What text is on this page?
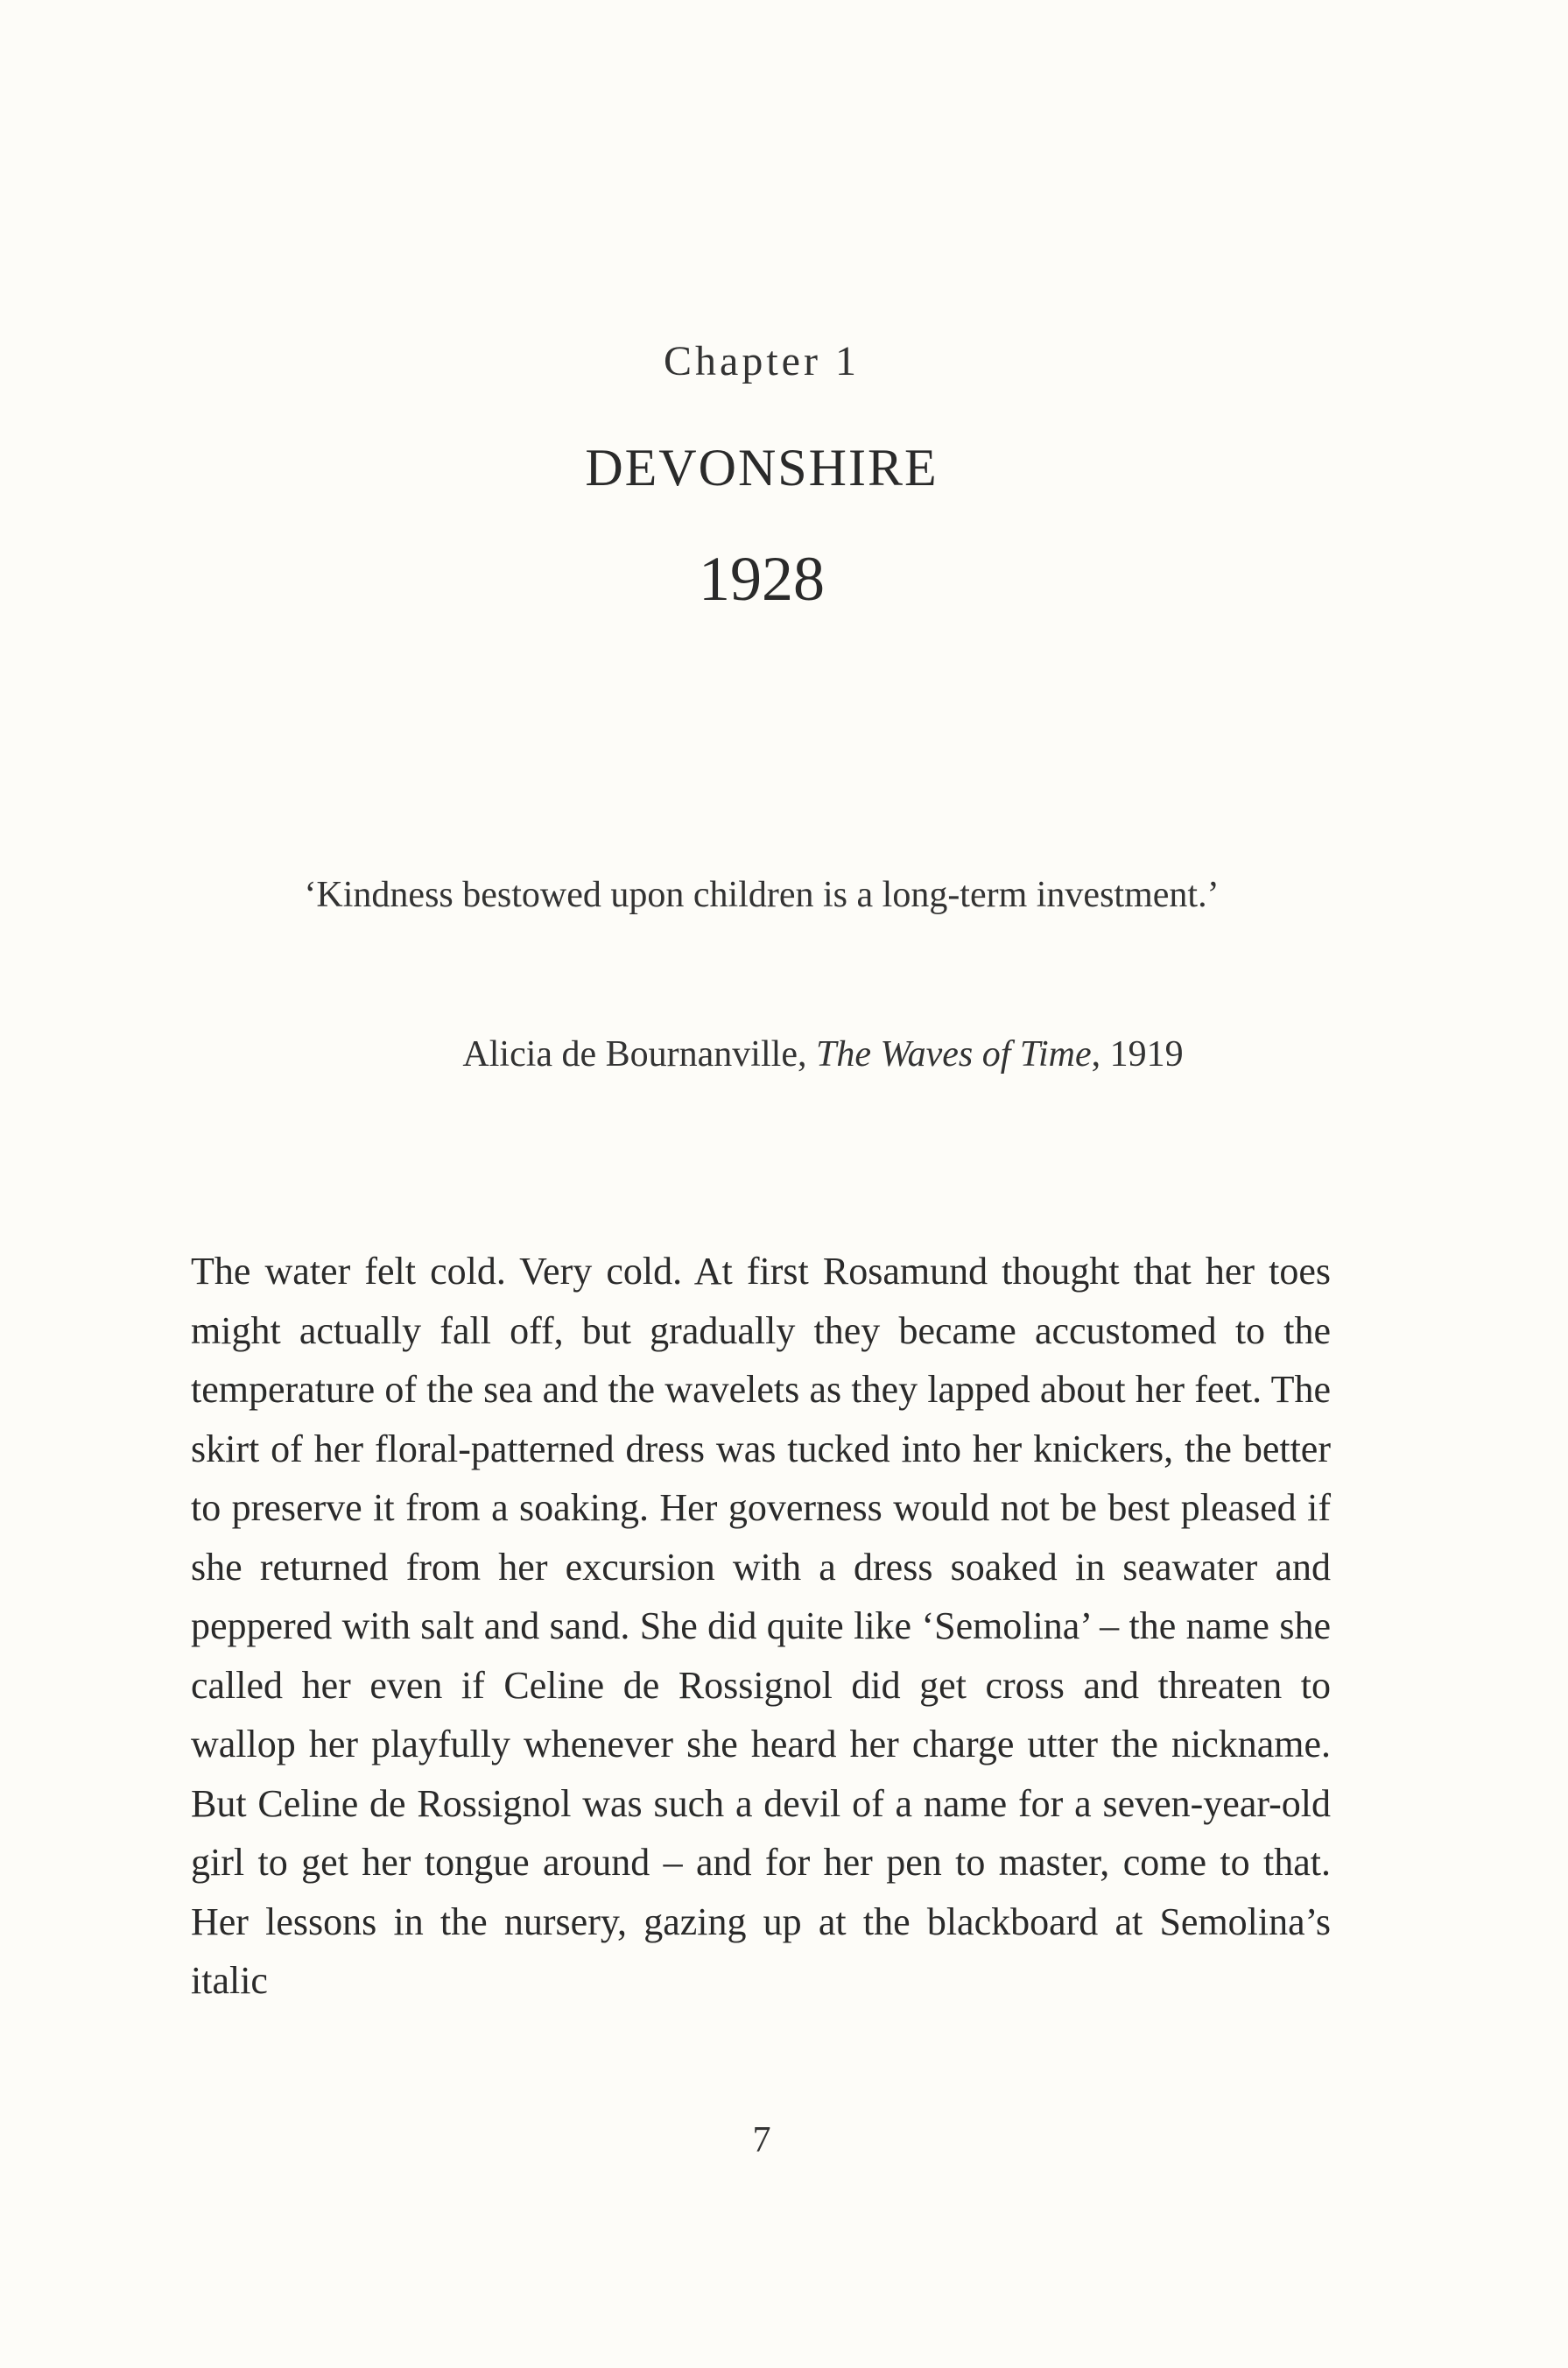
Chapter 1
DEVONSHIRE
1928
‘Kindness bestowed upon children is a long-term investment.’
Alicia de Bournanville, The Waves of Time, 1919
The water felt cold. Very cold. At first Rosamund thought that her toes might actually fall off, but gradually they became accustomed to the temperature of the sea and the wavelets as they lapped about her feet. The skirt of her floral-patterned dress was tucked into her knickers, the better to preserve it from a soaking. Her governess would not be best pleased if she returned from her excursion with a dress soaked in seawater and peppered with salt and sand. She did quite like ‘Semolina’ – the name she called her even if Celine de Rossignol did get cross and threaten to wallop her playfully whenever she heard her charge utter the nickname. But Celine de Rossignol was such a devil of a name for a seven-year-old girl to get her tongue around – and for her pen to master, come to that. Her lessons in the nursery, gazing up at the blackboard at Semolina’s italic
7
